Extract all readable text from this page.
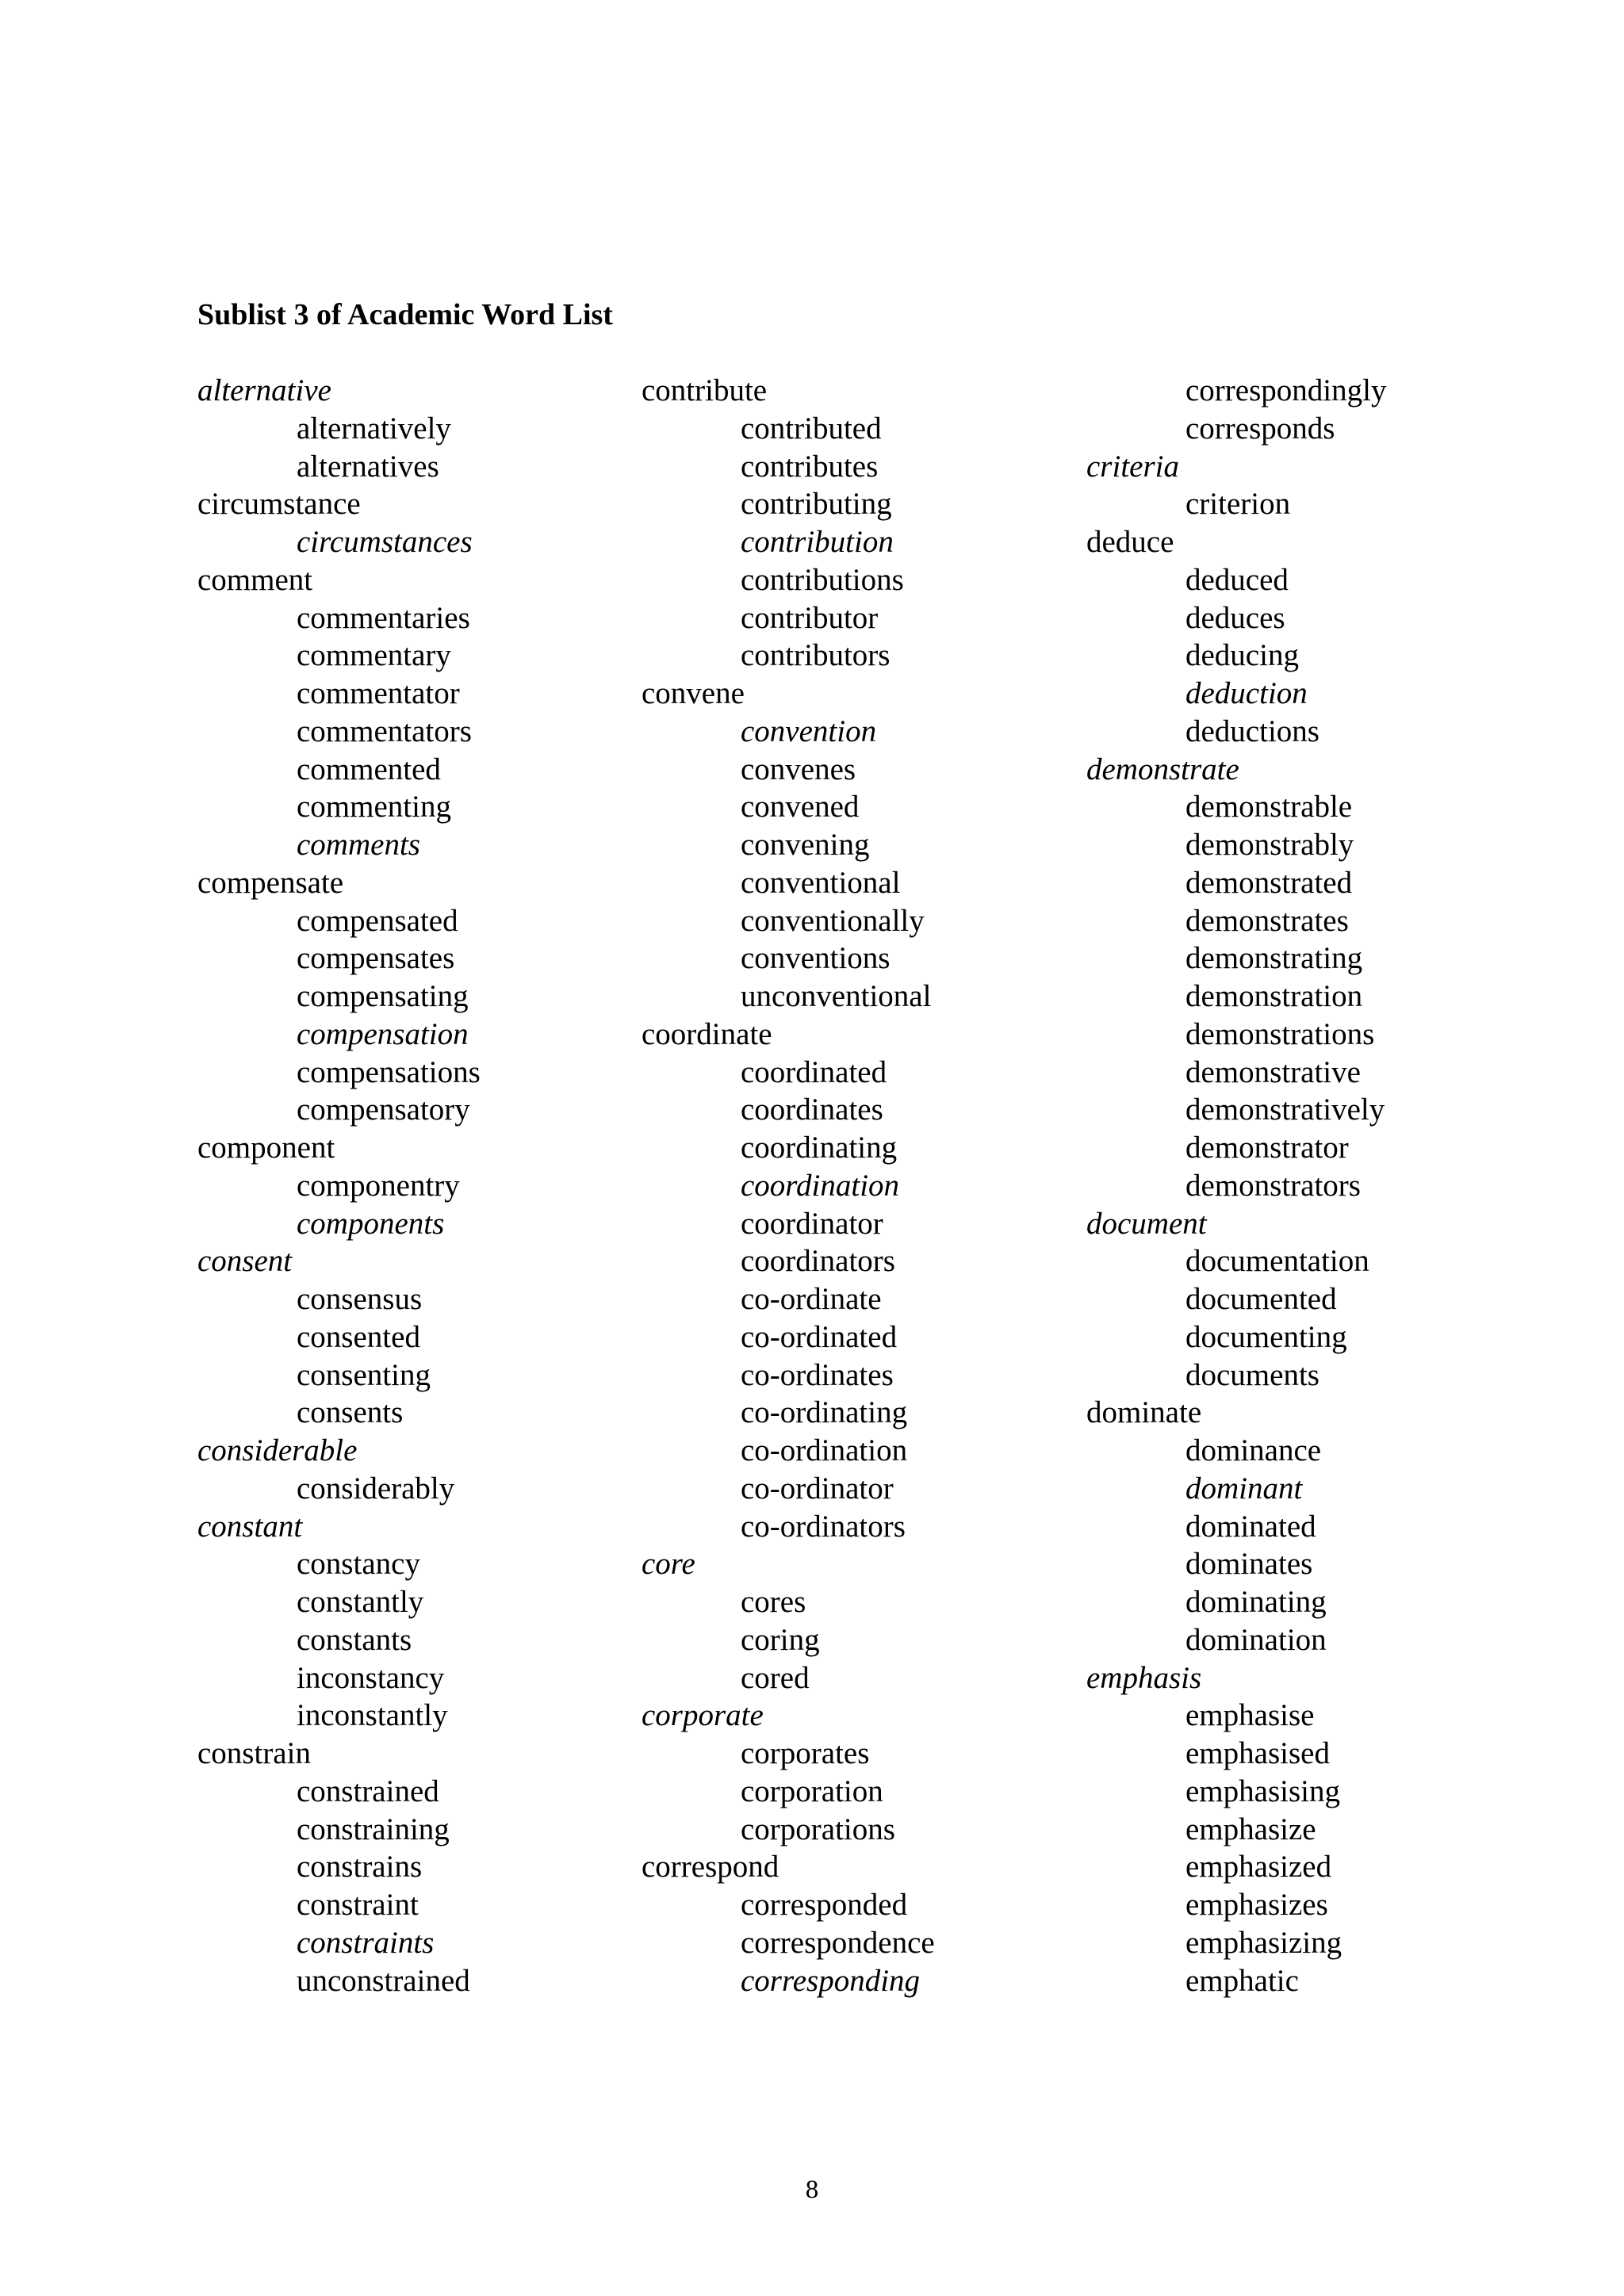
Sublist 3 of Academic Word List
alternative
alternatively
alternatives
circumstance
circumstances
comment
commentaries
commentary
commentator
commentators
commented
commenting
comments
compensate
compensated
compensates
compensating
compensation
compensations
compensatory
component
componentry
components
consent
consensus
consented
consenting
consents
considerable
considerably
constant
constancy
constantly
constants
inconstancy
inconstantly
constrain
constrained
constraining
constrains
constraint
constraints
unconstrained
contribute
contributed
contributes
contributing
contribution
contributions
contributor
contributors
convene
convention
convenes
convened
convening
conventional
conventionally
conventions
unconventional
coordinate
coordinated
coordinates
coordinating
coordination
coordinator
coordinators
co-ordinate
co-ordinated
co-ordinates
co-ordinating
co-ordination
co-ordinator
co-ordinators
core
cores
coring
cored
corporate
corporates
corporation
corporations
correspond
corresponded
correspondence
corresponding
correspondingly
corresponds
criteria
criterion
deduce
deduced
deduces
deducing
deduction
deductions
demonstrate
demonstrable
demonstrably
demonstrated
demonstrates
demonstrating
demonstration
demonstrations
demonstrative
demonstratively
demonstrator
demonstrators
document
documentation
documented
documenting
documents
dominate
dominance
dominant
dominated
dominates
dominating
domination
emphasis
emphasise
emphasised
emphasising
emphasize
emphasized
emphasizes
emphasizing
emphatic
8
